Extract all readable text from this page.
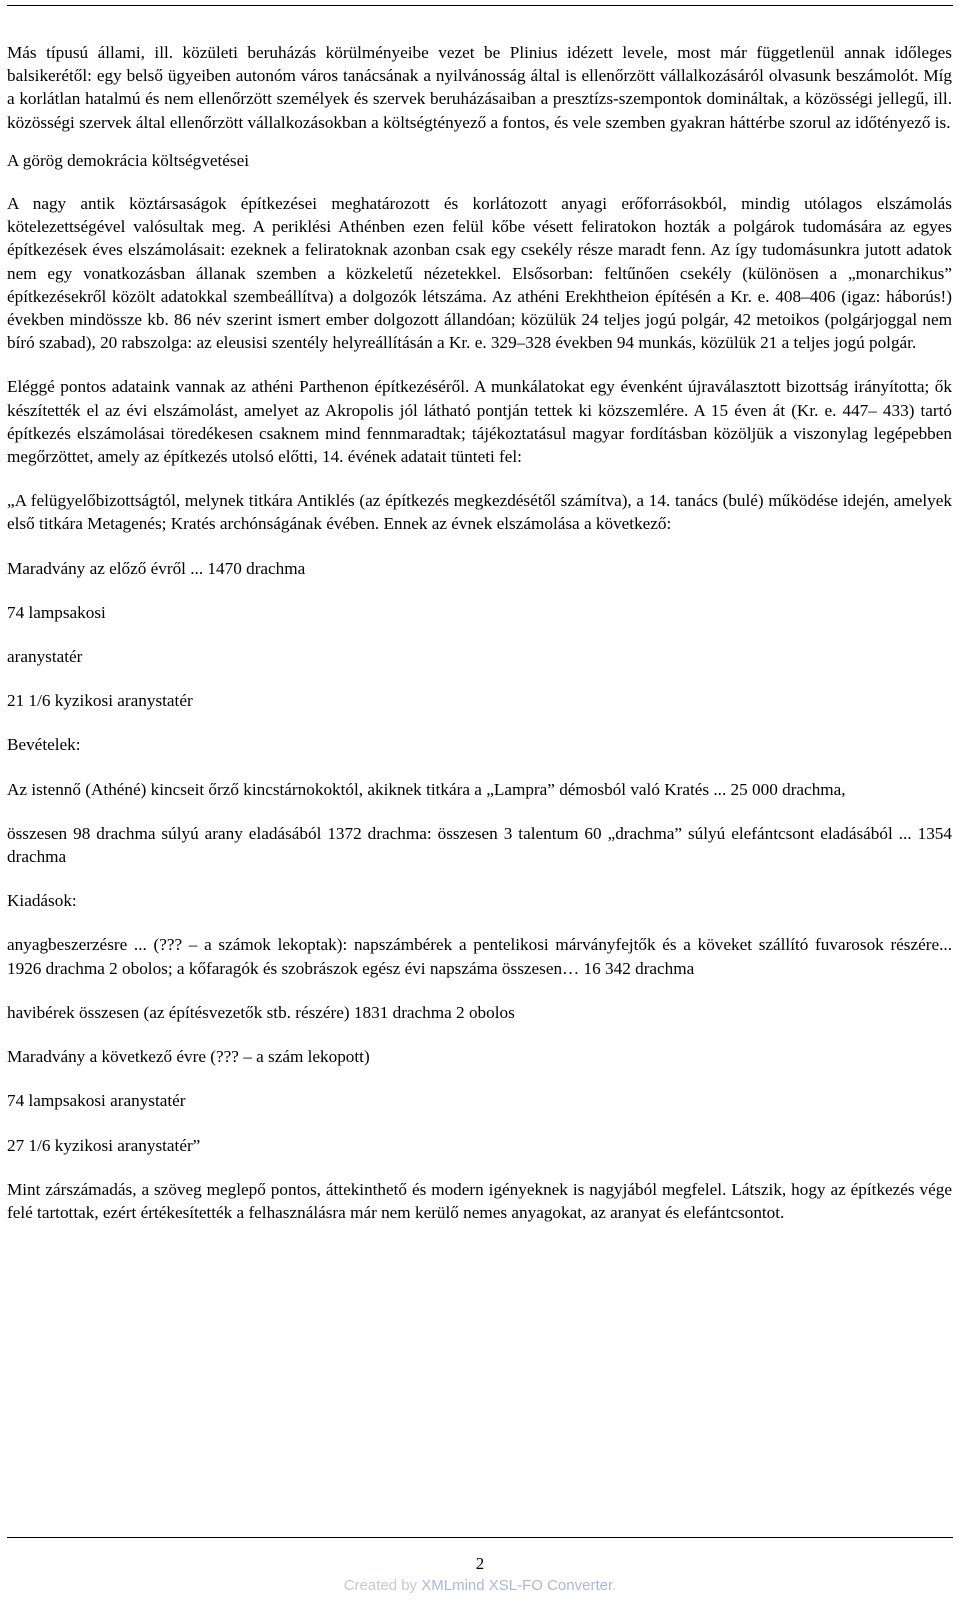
Más típusú állami, ill. közületi beruházás körülményeibe vezet be Plinius idézett levele, most már függetlenül annak időleges balsikerétől: egy belső ügyeiben autonóm város tanácsának a nyilvánosság által is ellenőrzött vállalkozásáról olvasunk beszámolót. Míg a korlátlan hatalmú és nem ellenőrzött személyek és szervek beruházásaiban a presztízs-szempontok domináltak, a közösségi jellegű, ill. közösségi szervek által ellenőrzött vállalkozásokban a költségtényező a fontos, és vele szemben gyakran háttérbe szorul az időtényező is.

A görög demokrácia költségvetései

A nagy antik köztársaságok építkezései meghatározott és korlátozott anyagi erőforrásokból, mindig utólagos elszámolás kötelezettségével valósultak meg. A periklési Athénben ezen felül kőbe vésett feliratokon hozták a polgárok tudomására az egyes építkezések éves elszámolásait: ezeknek a feliratoknak azonban csak egy csekély része maradt fenn. Az így tudomásunkra jutott adatok nem egy vonatkozásban állanak szemben a közkeletű nézetekkel. Elsősorban: feltűnően csekély (különösen a „monarchikus” építkezésekről közölt adatokkal szembeállítva) a dolgozók létszáma. Az athéni Erekhtheion építésén a Kr. e. 408–406 (igaz: háborús!) években mindössze kb. 86 név szerint ismert ember dolgozott állandóan; közülük 24 teljes jogú polgár, 42 metoikos (polgárjoggal nem bíró szabad), 20 rabszolga: az eleusisi szentély helyreállításán a Kr. e. 329–328 években 94 munkás, közülük 21 a teljes jogú polgár.

Eléggé pontos adataink vannak az athéni Parthenon építkezéséről. A munkálatokat egy évenként újraválasztott bizottság irányította; ők készítették el az évi elszámolást, amelyet az Akropolis jól látható pontján tettek ki közszemlére. A 15 éven át (Kr. e. 447– 433) tartó építkezés elszámolásai töredékesen csaknem mind fennmaradtak; tájékoztatásul magyar fordításban közöljük a viszonylag legépebben megőrzöttet, amely az építkezés utolsó előtti, 14. évének adatait tünteti fel:

„A felügyelőbizottságtól, melynek titkára Antiklés (az építkezés megkezdésétől számítva), a 14. tanács (bulé) működése idején, amelyek első titkára Metagenés; Kratés archónságának évében. Ennek az évnek elszámolása a következő:

Maradvány az előző évről ... 1470 drachma

74 lampsakosi

aranystatér

21 1/6 kyzikosi aranystatér

Bevételek:

Az istennő (Athéné) kincseit őrző kincstárnokoktól, akiknek titkára a „Lampra” démosból való Kratés ... 25 000 drachma,

összesen 98 drachma súlyú arany eladásából 1372 drachma: összesen 3 talentum 60 „drachma” súlyú elefántcsont eladásából ... 1354 drachma

Kiadások:

anyagbeszerzésre ... (??? – a számok lekoptak): napszámbérek a pentelikosi márványfejtők és a köveket szállító fuvarosok részére... 1926 drachma 2 obolos; a kőfaragók és szobrászok egész évi napszáma összesen… 16 342 drachma

havibérek összesen (az építésvezetők stb. részére) 1831 drachma 2 obolos

Maradvány a következő évre (??? – a szám lekopott)

74 lampsakosi aranystatér

27 1/6 kyzikosi aranystatér”

Mint zárszámadás, a szöveg meglepő pontos, áttekinthető és modern igényeknek is nagyjából megfelel. Látszik, hogy az építkezés vége felé tartottak, ezért értékesítették a felhasználásra már nem kerülő nemes anyagokat, az aranyat és elefántcsontot.

2
Created by XMLmind XSL-FO Converter.
